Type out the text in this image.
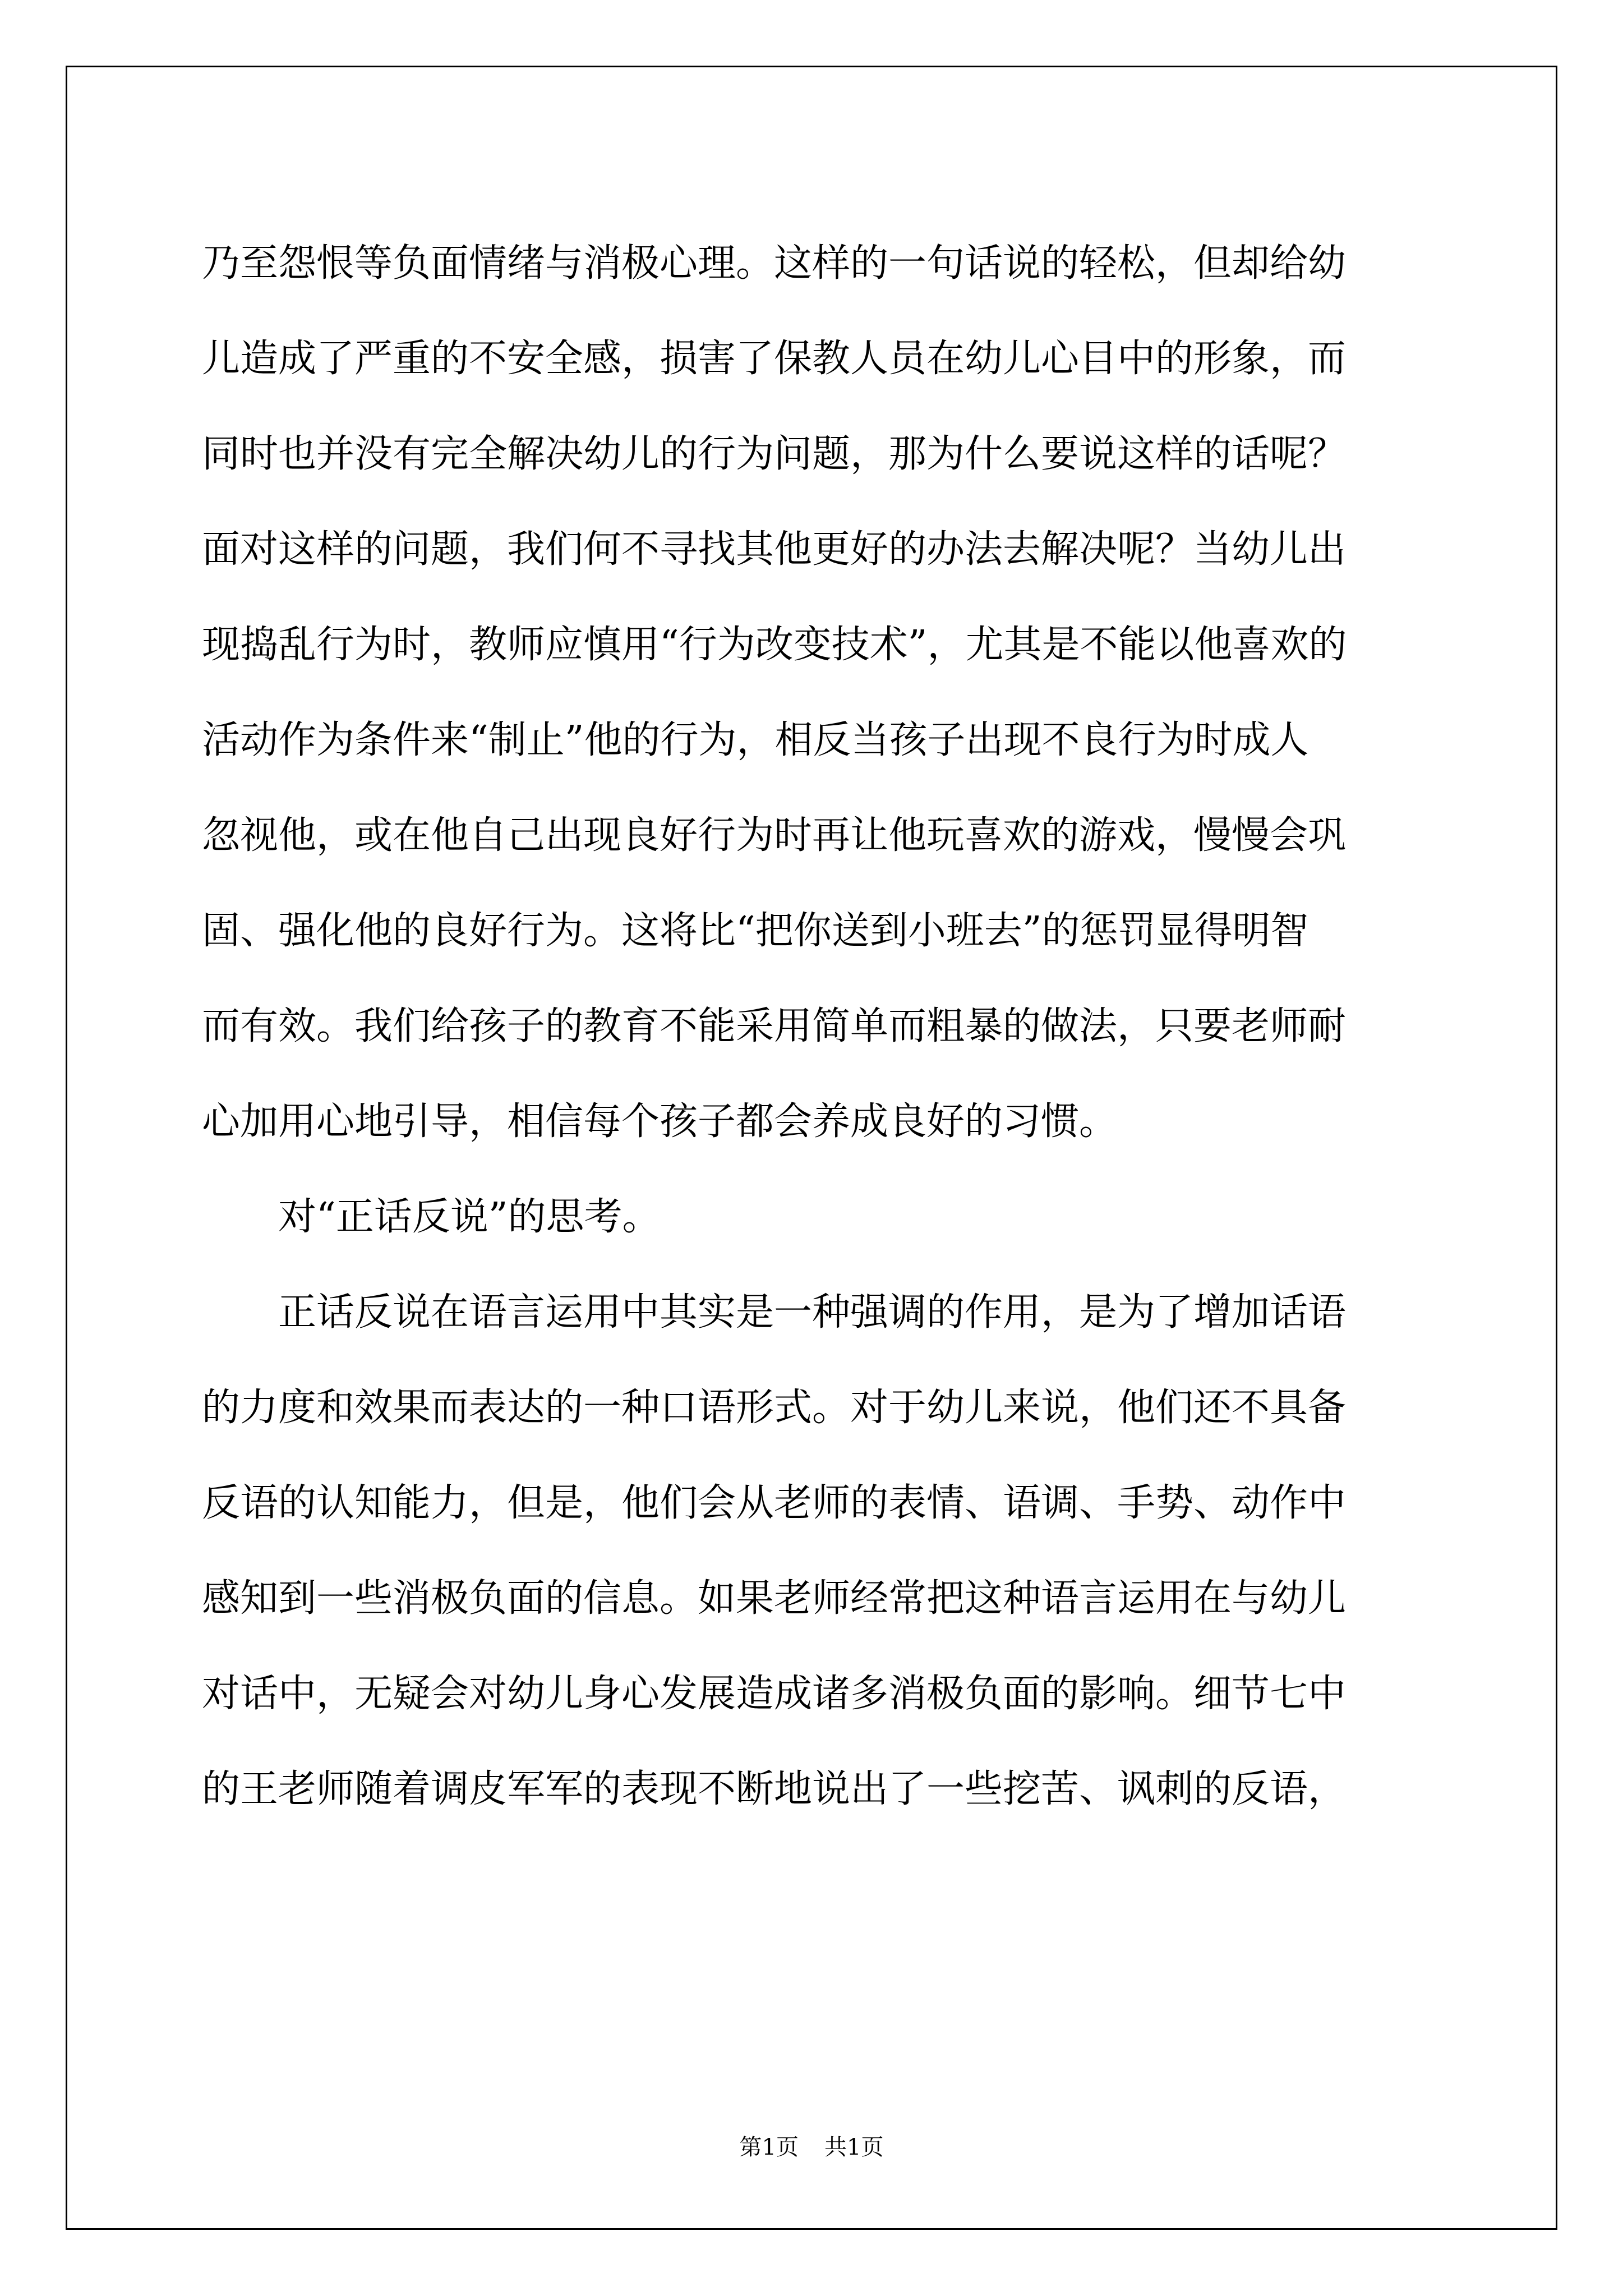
乃至怨恨等负面情绪与消极心理。这样的一句话说的轻松，但却给幼
儿造成了严重的不安全感，损害了保教人员在幼儿心目中的形象，而
同时也并没有完全解决幼儿的行为问题，那为什么要说这样的话呢？
面对这样的问题，我们何不寻找其他更好的办法去解决呢？当幼儿出
现捣乱行为时，教师应慎用“行为改变技术”，尤其是不能以他喜欢的
活动作为条件来“制止”他的行为，相反当孩子出现不良行为时成人
忽视他，或在他自己出现良好行为时再让他玩喜欢的游戏，慢慢会巩
固、强化他的良好行为。这将比“把你送到小班去”的惩罚显得明智
而有效。我们给孩子的教育不能采用简单而粗暴的做法，只要老师耐
心加用心地引导，相信每个孩子都会养成良好的习惯。
对“正话反说”的思考。
正话反说在语言运用中其实是一种强调的作用，是为了增加话语
的力度和效果而表达的一种口语形式。对于幼儿来说，他们还不具备
反语的认知能力，但是，他们会从老师的表情、语调、手势、动作中
感知到一些消极负面的信息。如果老师经常把这种语言运用在与幼儿
对话中，无疑会对幼儿身心发展造成诸多消极负面的影响。细节七中
的王老师随着调皮军军的表现不断地说出了一些挖苦、讽刺的反语，
第1页 共1页
